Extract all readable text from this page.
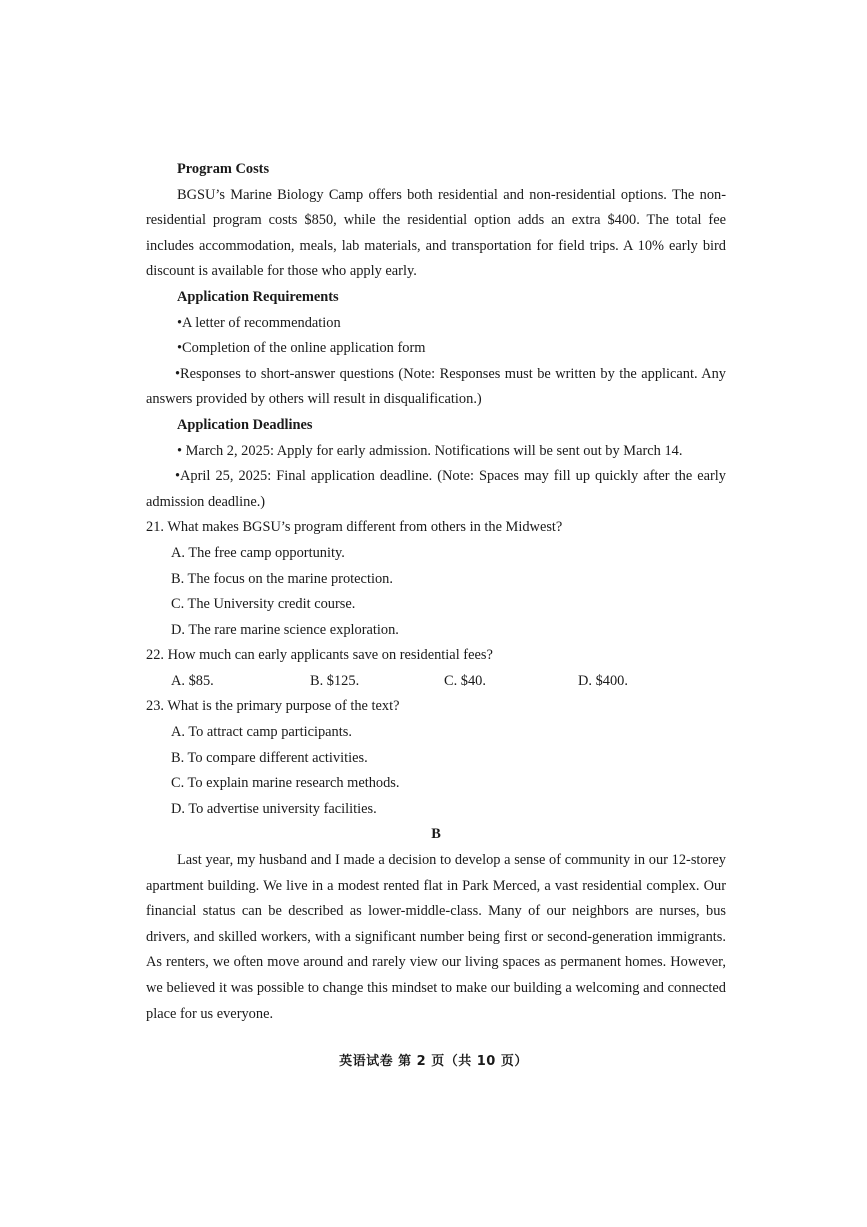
Program Costs

BGSU’s Marine Biology Camp offers both residential and non-residential options. The non-residential program costs $850, while the residential option adds an extra $400. The total fee includes accommodation, meals, lab materials, and transportation for field trips. A 10% early bird discount is available for those who apply early.

Application Requirements

•A letter of recommendation

•Completion of the online application form

•Responses to short-answer questions (Note: Responses must be written by the applicant. Any answers provided by others will result in disqualification.)

Application Deadlines

• March 2, 2025: Apply for early admission. Notifications will be sent out by March 14.

•April 25, 2025: Final application deadline. (Note: Spaces may fill up quickly after the early admission deadline.)

21. What makes BGSU’s program different from others in the Midwest?

A. The free camp opportunity.

B. The focus on the marine protection.

C. The University credit course.

D. The rare marine science exploration.

22. How much can early applicants save on residential fees?

A. $85.	B. $125.	C. $40.	D. $400.

23. What is the primary purpose of the text?

A. To attract camp participants.

B. To compare different activities.

C. To explain marine research methods.

D. To advertise university facilities.

B

Last year, my husband and I made a decision to develop a sense of community in our 12-storey apartment building. We live in a modest rented flat in Park Merced, a vast residential complex. Our financial status can be described as lower-middle-class. Many of our neighbors are nurses, bus drivers, and skilled workers, with a significant number being first or second-generation immigrants. As renters, we often move around and rarely view our living spaces as permanent homes. However, we believed it was possible to change this mindset to make our building a welcoming and connected place for us everyone.

英语试卷 第 2 页（共 10 页）
